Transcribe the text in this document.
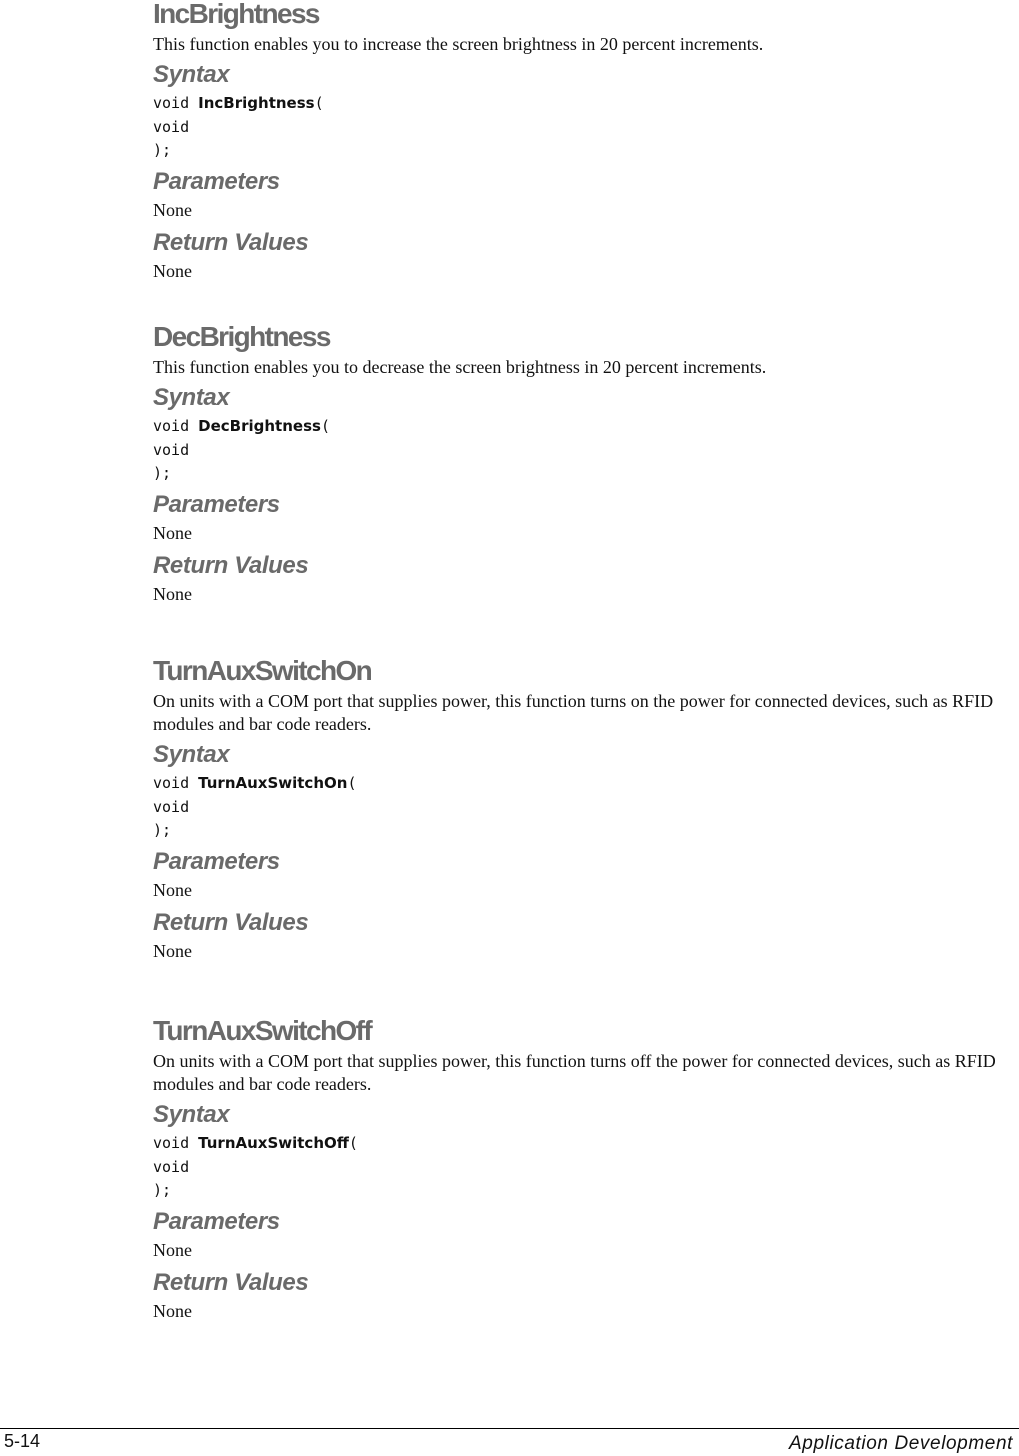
IncBrightness

This function enables you to increase the screen brightness in 20 percent increments.

Syntax
void IncBrightness(
void
);
Parameters

None

Return Values

None

DecBrightness

This function enables you to decrease the screen brightness in 20 percent increments.

Syntax
void DecBrightness(
void
);
Parameters

None

Return Values

None

TurnAuxSwitchOn

On units with a COM port that supplies power, this function turns on the power for connected devices, such as RFID modules and bar code readers.

Syntax
void TurnAuxSwitchOn(
void
);
Parameters

None

Return Values

None

TurnAuxSwitchOff

On units with a COM port that supplies power, this function turns off the power for connected devices, such as RFID modules and bar code readers.

Syntax
void TurnAuxSwitchOff(
void
);
Parameters

None

Return Values

None

5-14	Application Development
